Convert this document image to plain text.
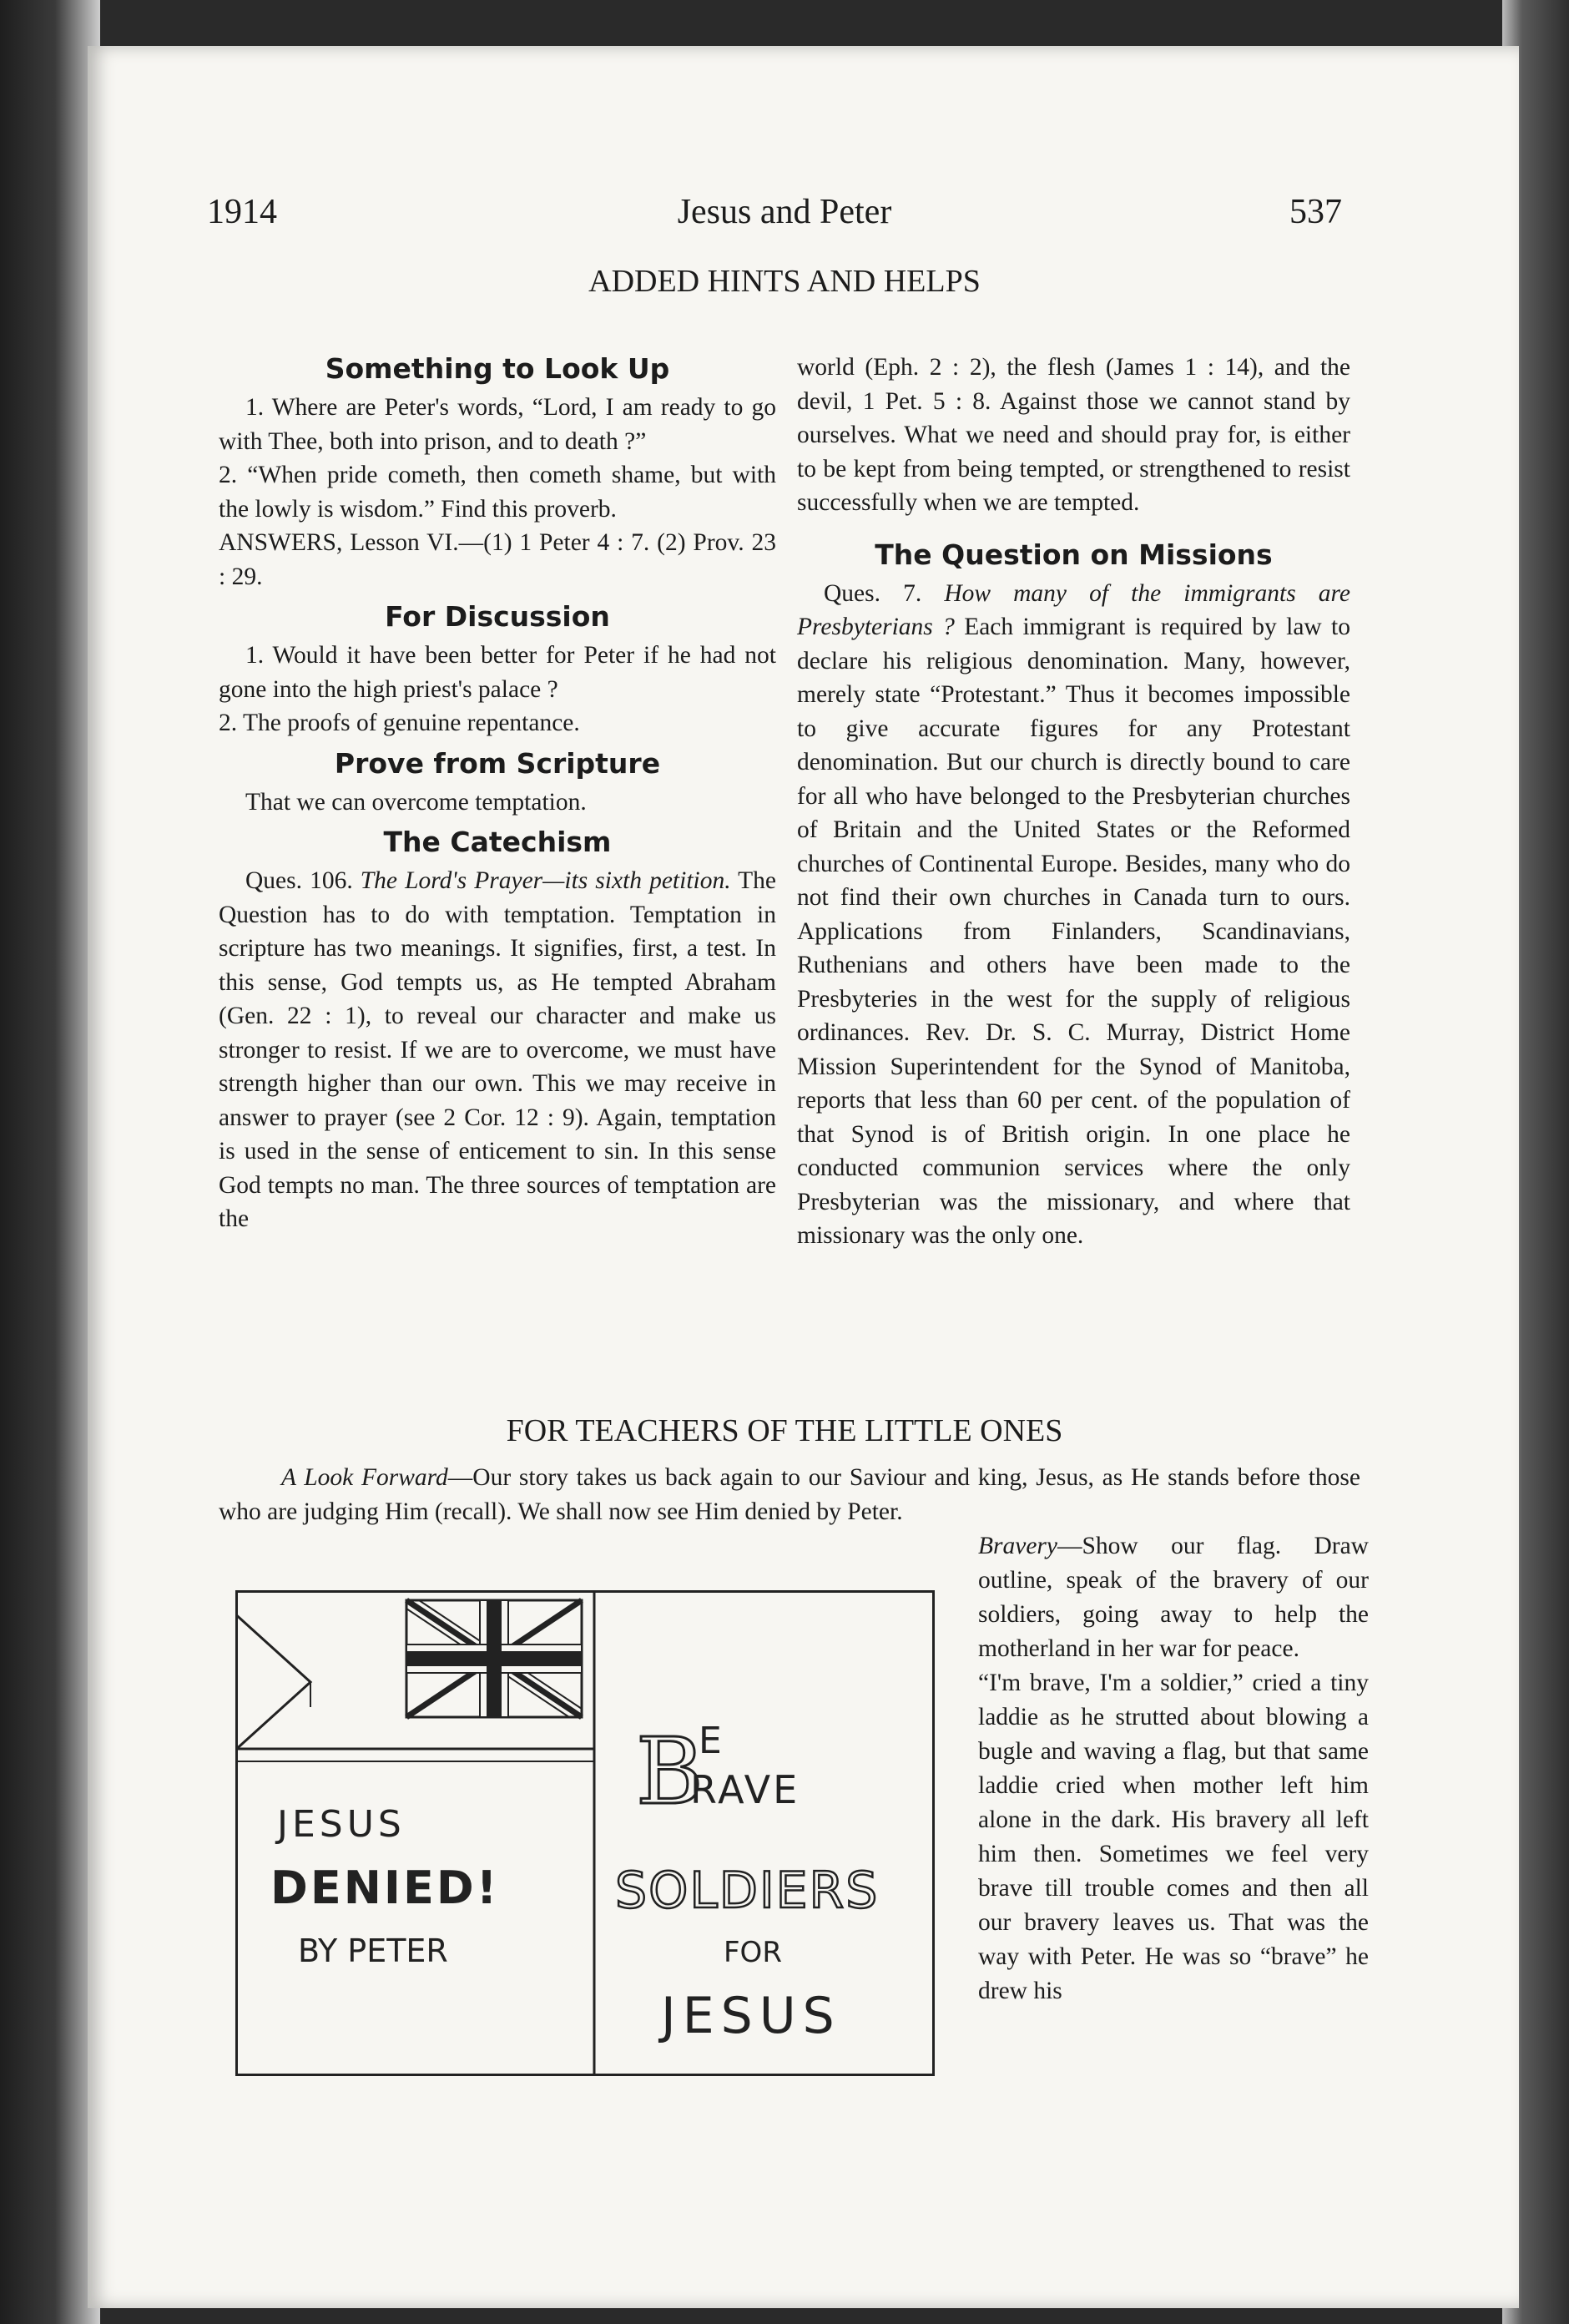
1914	Jesus and Peter	537
ADDED HINTS AND HELPS
Something to Look Up

1. Where are Peter's words, “Lord, I am ready to go with Thee, both into prison, and to death ?”

2. “When pride cometh, then cometh shame, but with the lowly is wisdom.” Find this proverb.

ANSWERS, Lesson VI.—(1) 1 Peter 4 : 7. (2) Prov. 23 : 29.

For Discussion

1. Would it have been better for Peter if he had not gone into the high priest's palace ?

2. The proofs of genuine repentance.

Prove from Scripture

That we can overcome temptation.

The Catechism

Ques. 106. The Lord's Prayer—its sixth petition. The Question has to do with temptation. Temptation in scripture has two meanings. It signifies, first, a test. In this sense, God tempts us, as He tempted Abraham (Gen. 22 : 1), to reveal our character and make us stronger to resist. If we are to overcome, we must have strength higher than our own. This we may receive in answer to prayer (see 2 Cor. 12 : 9). Again, temptation is used in the sense of enticement to sin. In this sense God tempts no man. The three sources of temptation are the

world (Eph. 2 : 2), the flesh (James 1 : 14), and the devil, 1 Pet. 5 : 8. Against those we cannot stand by ourselves. What we need and should pray for, is either to be kept from being tempted, or strengthened to resist successfully when we are tempted.

The Question on Missions

Ques. 7. How many of the immigrants are Presbyterians ? Each immigrant is required by law to declare his religious denomination. Many, however, merely state “Protestant.” Thus it becomes impossible to give accurate figures for any Protestant denomination. But our church is directly bound to care for all who have belonged to the Presbyterian churches of Britain and the United States or the Reformed churches of Continental Europe. Besides, many who do not find their own churches in Canada turn to ours. Applications from Finlanders, Scandinavians, Ruthenians and others have been made to the Presbyteries in the west for the supply of religious ordinances. Rev. Dr. S. C. Murray, District Home Mission Superintendent for the Synod of Manitoba, reports that less than 60 per cent. of the population of that Synod is of British origin. In one place he conducted communion services where the only Presbyterian was the missionary, and where that missionary was the only one.

FOR TEACHERS OF THE LITTLE ONES

A Look Forward—Our story takes us back again to our Saviour and king, Jesus, as He stands before those who are judging Him (recall). We shall now see Him denied by Peter.

Bravery—Show our flag. Draw outline, speak of the bravery of our soldiers, going away to help the motherland in her war for peace.

“I'm brave, I'm a soldier,” cried a tiny laddie as he strutted about blowing a bugle and waving a flag, but that same laddie cried when mother left him alone in the dark. His bravery all left him then. Sometimes we feel very brave till trouble comes and then all our bravery leaves us. That was the way with Peter. He was so “brave” he drew his

JESUS
DENIED!
BY PETER
B
E
RAVE
SOLDIERS
FOR
JESUS
